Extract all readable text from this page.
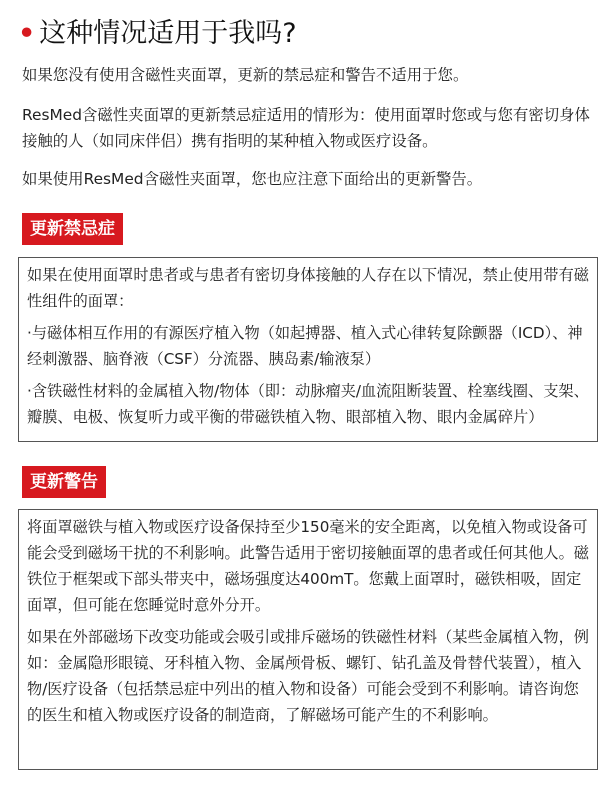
• 这种情况适用于我吗?

如果您没有使用含磁性夹面罩，更新的禁忌症和警告不适用于您。

ResMed含磁性夹面罩的更新禁忌症适用的情形为：使用面罩时您或与您有密切身体接触的人（如同床伴侣）携有指明的某种植入物或医疗设备。

如果使用ResMed含磁性夹面罩，您也应注意下面给出的更新警告。

更新禁忌症

如果在使用面罩时患者或与患者有密切身体接触的人存在以下情况，禁止使用带有磁性组件的面罩：

·与磁体相互作用的有源医疗植入物（如起搏器、植入式心律转复除颤器（ICD）、神经刺激器、脑脊液（CSF）分流器、胰岛素/输液泵）

·含铁磁性材料的金属植入物/物体（即：动脉瘤夹/血流阻断装置、栓塞线圈、支架、瓣膜、电极、恢复听力或平衡的带磁铁植入物、眼部植入物、眼内金属碎片）

更新警告

将面罩磁铁与植入物或医疗设备保持至少150毫米的安全距离，以免植入物或设备可能会受到磁场干扰的不利影响。此警告适用于密切接触面罩的患者或任何其他人。磁铁位于框架或下部头带夹中，磁场强度达400mT。您戴上面罩时，磁铁相吸，固定面罩，但可能在您睡觉时意外分开。

如果在外部磁场下改变功能或会吸引或排斥磁场的铁磁性材料（某些金属植入物，例如：金属隐形眼镜、牙科植入物、金属颅骨板、螺钉、钻孔盖及骨替代装置），植入物/医疗设备（包括禁忌症中列出的植入物和设备）可能会受到不利影响。请咨询您的医生和植入物或医疗设备的制造商，了解磁场可能产生的不利影响。
